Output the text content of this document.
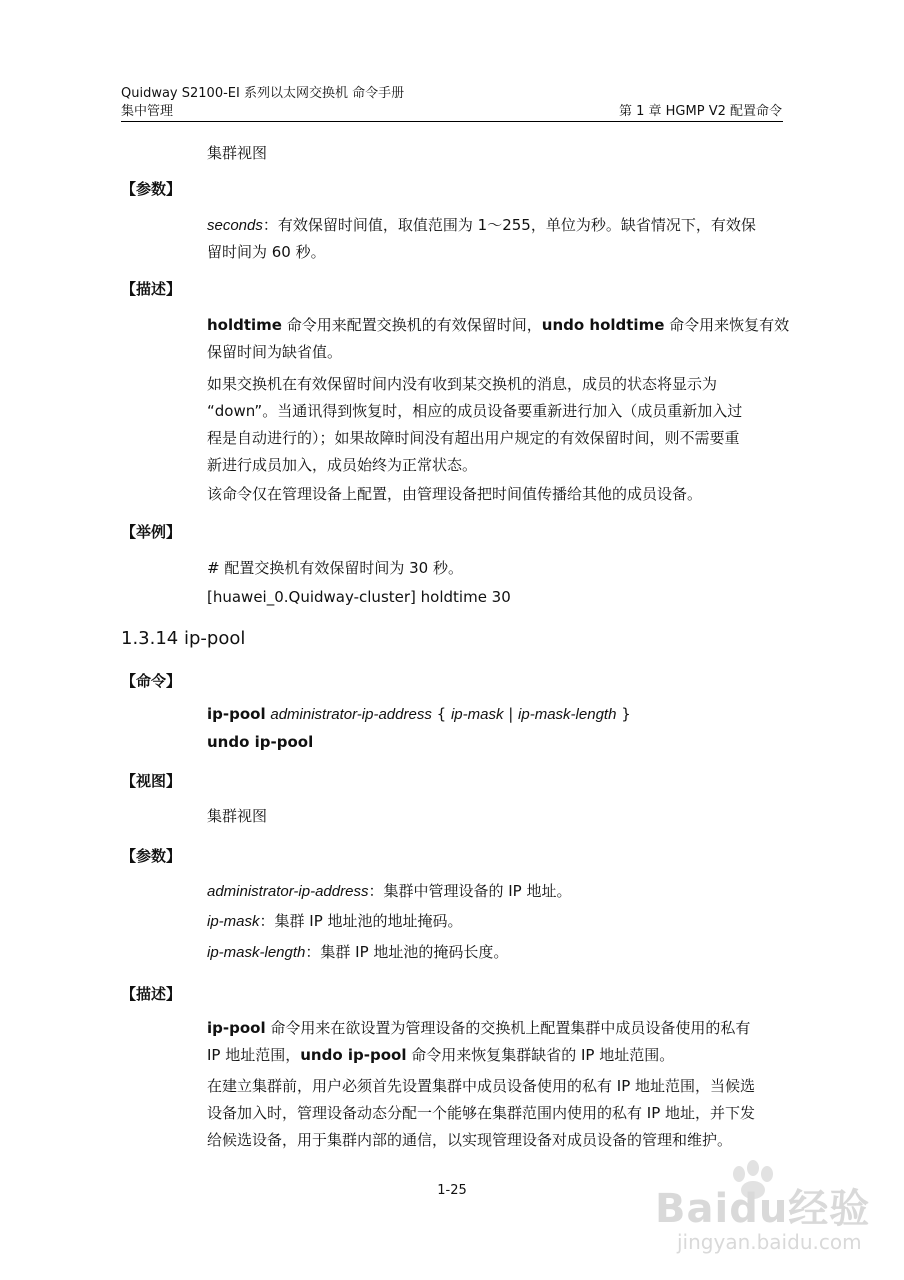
Quidway S2100-EI 系列以太网交换机 命令手册
集中管理	第 1 章 HGMP V2 配置命令
集群视图
【参数】
seconds：有效保留时间值，取值范围为 1～255，单位为秒。缺省情况下，有效保
留时间为 60 秒。
【描述】
holdtime 命令用来配置交换机的有效保留时间，undo holdtime 命令用来恢复有效
保留时间为缺省值。
如果交换机在有效保留时间内没有收到某交换机的消息，成员的状态将显示为
“down”。当通讯得到恢复时，相应的成员设备要重新进行加入（成员重新加入过
程是自动进行的）；如果故障时间没有超出用户规定的有效保留时间，则不需要重
新进行成员加入，成员始终为正常状态。
该命令仅在管理设备上配置，由管理设备把时间值传播给其他的成员设备。
【举例】
# 配置交换机有效保留时间为 30 秒。
[huawei_0.Quidway-cluster] holdtime 30
1.3.14 ip-pool
【命令】
ip-pool administrator-ip-address { ip-mask | ip-mask-length }
undo ip-pool
【视图】
集群视图
【参数】
administrator-ip-address：集群中管理设备的 IP 地址。
ip-mask：集群 IP 地址池的地址掩码。
ip-mask-length：集群 IP 地址池的掩码长度。
【描述】
ip-pool 命令用来在欲设置为管理设备的交换机上配置集群中成员设备使用的私有
IP 地址范围，undo ip-pool 命令用来恢复集群缺省的 IP 地址范围。
在建立集群前，用户必须首先设置集群中成员设备使用的私有 IP 地址范围，当候选
设备加入时，管理设备动态分配一个能够在集群范围内使用的私有 IP 地址，并下发
给候选设备，用于集群内部的通信，以实现管理设备对成员设备的管理和维护。
1-25	Baidu经验
jingyan.baidu.com
